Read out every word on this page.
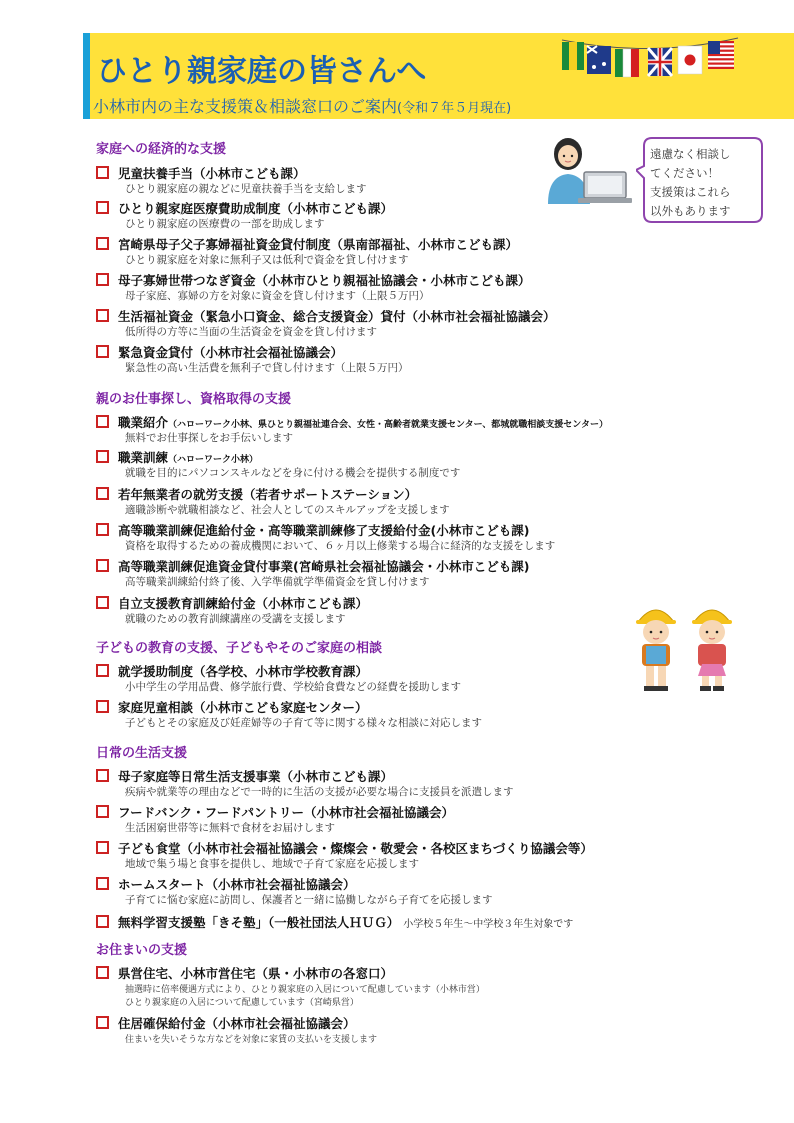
ひとり親家庭の皆さんへ
小林市内の主な支援策＆相談窓口のご案内(令和７年５月現在)
遠慮なく相談し
てください！
支援策はこれら
以外もあります
家庭への経済的な支援
児童扶養手当（小林市こども課）
ひとり親家庭の親などに児童扶養手当を支給します
ひとり親家庭医療費助成制度（小林市こども課）
ひとり親家庭の医療費の一部を助成します
宮崎県母子父子寡婦福祉資金貸付制度（県南部福祉、小林市こども課）
ひとり親家庭を対象に無利子又は低利で資金を貸し付けます
母子寡婦世帯つなぎ資金（小林市ひとり親福祉協議会・小林市こども課）
母子家庭、寡婦の方を対象に資金を貸し付けます（上限５万円）
生活福祉資金（緊急小口資金、総合支援資金）貸付（小林市社会福祉協議会）
低所得の方等に当面の生活資金を資金を貸し付けます
緊急資金貸付（小林市社会福祉協議会）
緊急性の高い生活費を無利子で貸し付けます（上限５万円）
親のお仕事探し、資格取得の支援
職業紹介（ハローワーク小林、県ひとり親福祉連合会、女性・高齢者就業支援センター、都城就職相談支援センター）
無料でお仕事探しをお手伝いします
職業訓練（ハローワーク小林）
就職を目的にパソコンスキルなどを身に付ける機会を提供する制度です
若年無業者の就労支援（若者サポートステーション）
適職診断や就職相談など、社会人としてのスキルアップを支援します
高等職業訓練促進給付金・高等職業訓練修了支援給付金(小林市こども課)
資格を取得するための養成機関において、６ヶ月以上修業する場合に経済的な支援をします
高等職業訓練促進資金貸付事業(宮崎県社会福祉協議会・小林市こども課)
高等職業訓練給付終了後、入学準備就学準備資金を貸し付けます
自立支援教育訓練給付金（小林市こども課）
就職のための教育訓練講座の受講を支援します
子どもの教育の支援、子どもやそのご家庭の相談
就学援助制度（各学校、小林市学校教育課）
小中学生の学用品費、修学旅行費、学校給食費などの経費を援助します
家庭児童相談（小林市こども家庭センター）
子どもとその家庭及び妊産婦等の子育て等に関する様々な相談に対応します
日常の生活支援
母子家庭等日常生活支援事業（小林市こども課）
疾病や就業等の理由などで一時的に生活の支援が必要な場合に支援員を派遣します
フードバンク・フードパントリー（小林市社会福祉協議会）
生活困窮世帯等に無料で食材をお届けします
子ども食堂（小林市社会福祉協議会・燦燦会・敬愛会・各校区まちづくり協議会等）
地域で集う場と食事を提供し、地域で子育て家庭を応援します
ホームスタート（小林市社会福祉協議会）
子育てに悩む家庭に訪問し、保護者と一緒に協働しながら子育てを応援します
無料学習支援塾「きそ塾」（一般社団法人ＨＵＧ） 小学校５年生～中学校３年生対象です
お住まいの支援
県営住宅、小林市営住宅（県・小林市の各窓口）
抽選時に倍率優遇方式により、ひとり親家庭の入居について配慮しています（小林市営）
ひとり親家庭の入居について配慮しています（宮崎県営）
住居確保給付金（小林市社会福祉協議会）
住まいを失いそうな方などを対象に家賃の支払いを支援します
